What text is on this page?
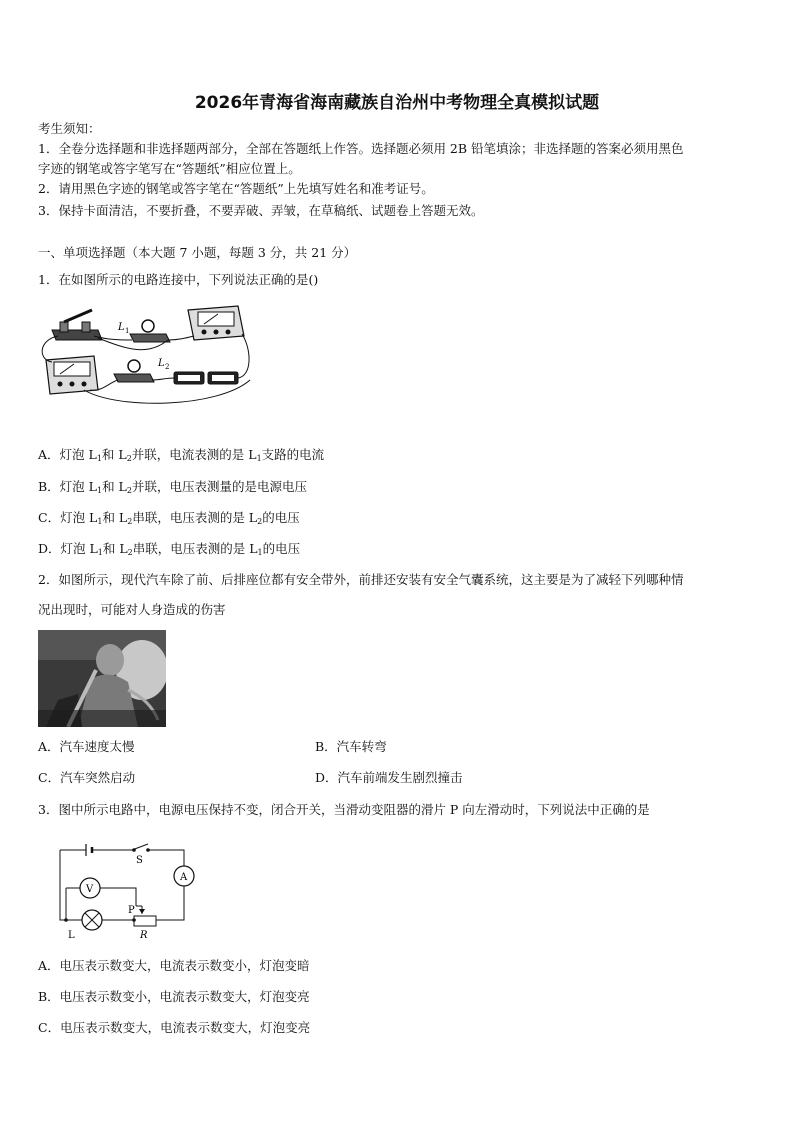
2026年青海省海南藏族自治州中考物理全真模拟试题
考生须知：
1．全卷分选择题和非选择题两部分，全部在答题纸上作答。选择题必须用 2B 铅笔填涂；非选择题的答案必须用黑色
字迹的钢笔或答字笔写在“答题纸”相应位置上。
2．请用黑色字迹的钢笔或答字笔在“答题纸”上先填写姓名和准考证号。
3．保持卡面清洁，不要折叠，不要弄破、弄皱，在草稿纸、试题卷上答题无效。
一、单项选择题（本大题 7 小题，每题 3 分，共 21 分）
1．在如图所示的电路连接中，下列说法正确的是()
L 1
L 2
A．灯泡 $L_1$和 $L_2$并联，电流表测的是 $L_1$支路的电流
B．灯泡 $L_1$和 $L_2$并联，电压表测量的是电源电压
C．灯泡 $L_1$和 $L_2$串联，电压表测的是 $L_2$的电压
D．灯泡 $L_1$和 $L_2$串联，电压表测的是 $L_1$的电压
2．如图所示，现代汽车除了前、后排座位都有安全带外，前排还安装有安全气囊系统，这主要是为了减轻下列哪种情
况出现时，可能对人身造成的伤害
A．汽车速度太慢	B．汽车转弯
C．汽车突然启动	D．汽车前端发生剧烈撞击
3．图中所示电路中，电源电压保持不变，闭合开关，当滑动变阻器的滑片 P 向左滑动时，下列说法中正确的是
S
A
V
P
L	R
A．电压表示数变大，电流表示数变小，灯泡变暗
B．电压表示数变小，电流表示数变大，灯泡变亮
C．电压表示数变大，电流表示数变大，灯泡变亮
